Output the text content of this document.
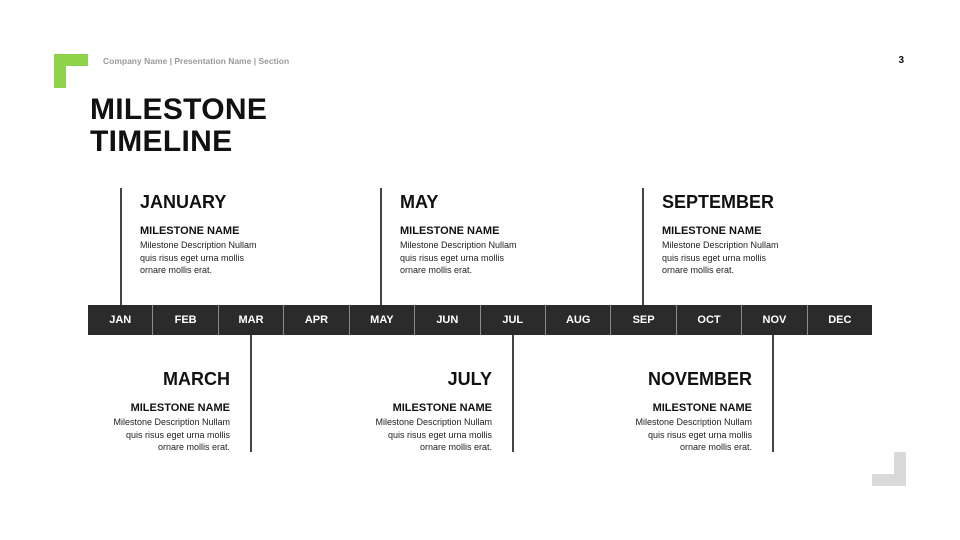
Company Name | Presentation Name | Section	3
MILESTONE
TIMELINE
JAN	FEB	MAR	APR	MAY	JUN	JUL	AUG	SEP	OCT	NOV	DEC
JANUARY
MILESTONE NAME
Milestone Description Nullam quis risus eget urna mollis ornare mollis erat.
MAY
MILESTONE NAME
Milestone Description Nullam quis risus eget urna mollis ornare mollis erat.
SEPTEMBER
MILESTONE NAME
Milestone Description Nullam quis risus eget urna mollis ornare mollis erat.
MARCH
MILESTONE NAME
Milestone Description Nullam quis risus eget urna mollis ornare mollis erat.
JULY
MILESTONE NAME
Milestone Description Nullam quis risus eget urna mollis ornare mollis erat.
NOVEMBER
MILESTONE NAME
Milestone Description Nullam quis risus eget urna mollis ornare mollis erat.
